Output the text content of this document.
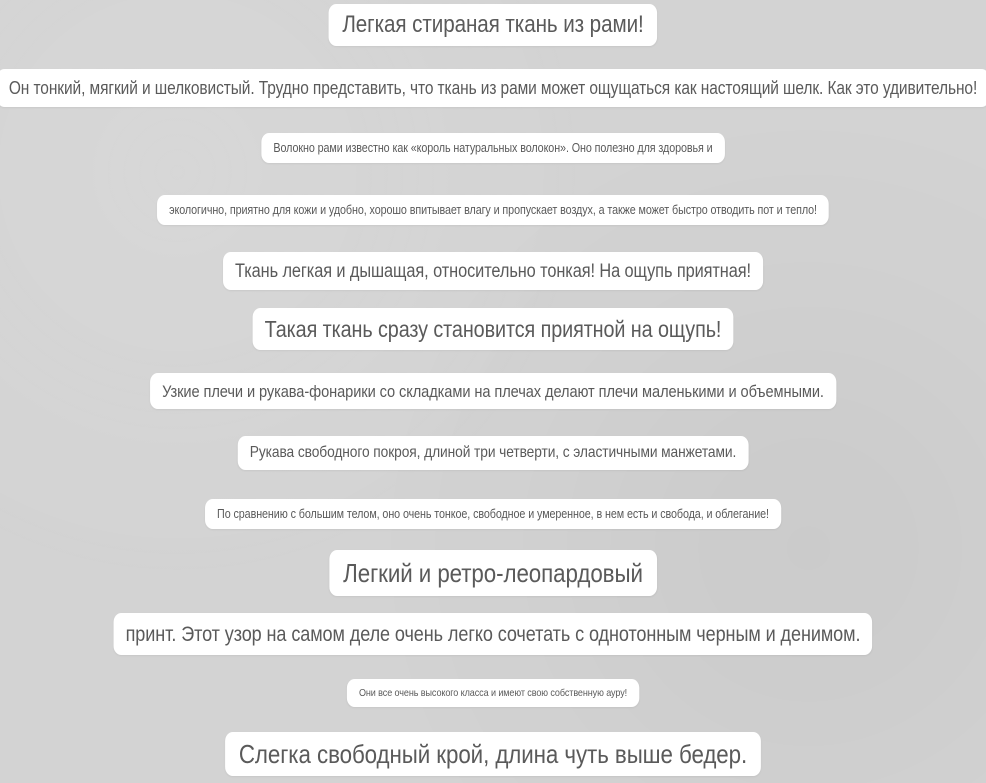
Легкая стираная ткань из рами!
Он тонкий, мягкий и шелковистый. Трудно представить, что ткань из рами может ощущаться как настоящий шелк. Как это удивительно!
Волокно рами известно как «король натуральных волокон». Оно полезно для здоровья и
экологично, приятно для кожи и удобно, хорошо впитывает влагу и пропускает воздух, а также может быстро отводить пот и тепло!
Ткань легкая и дышащая, относительно тонкая! На ощупь приятная!
Такая ткань сразу становится приятной на ощупь!
Узкие плечи и рукава-фонарики со складками на плечах делают плечи маленькими и объемными.
Рукава свободного покроя, длиной три четверти, с эластичными манжетами.
По сравнению с большим телом, оно очень тонкое, свободное и умеренное, в нем есть и свобода, и облегание!
Легкий и ретро-леопардовый
принт. Этот узор на самом деле очень легко сочетать с однотонным черным и денимом.
Они все очень высокого класса и имеют свою собственную ауру!
Слегка свободный крой, длина чуть выше бедер.
